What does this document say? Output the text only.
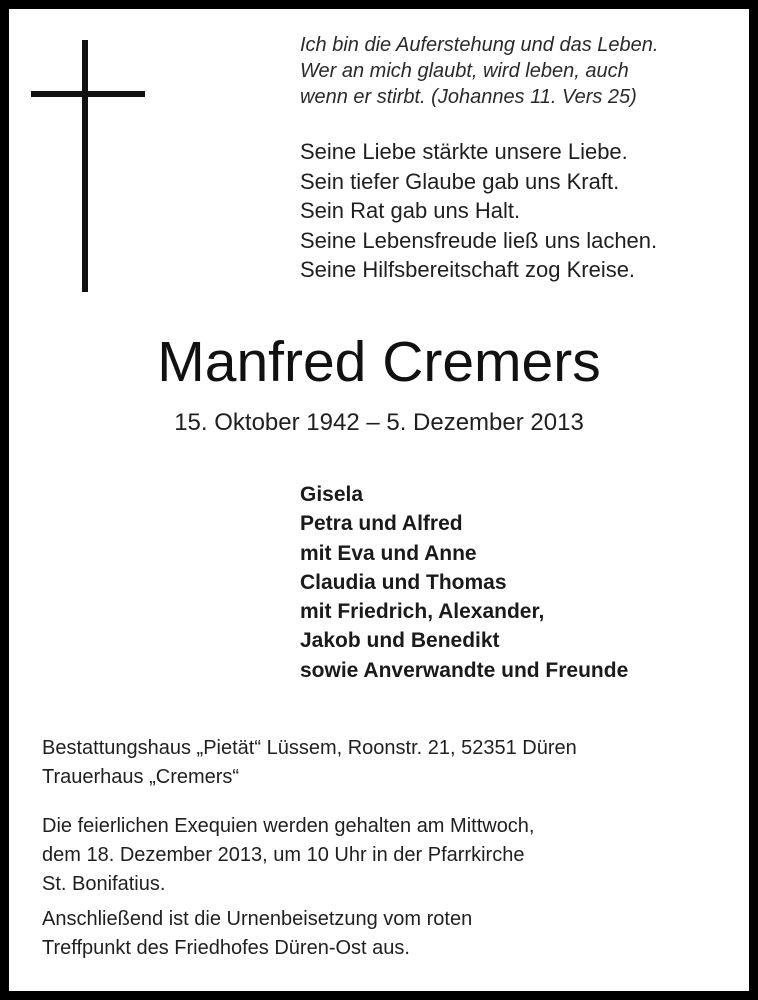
Ich bin die Auferstehung und das Leben.
Wer an mich glaubt, wird leben, auch
wenn er stirbt. (Johannes 11. Vers 25)

Seine Liebe stärkte unsere Liebe.
Sein tiefer Glaube gab uns Kraft.
Sein Rat gab uns Halt.
Seine Lebensfreude ließ uns lachen.
Seine Hilfsbereitschaft zog Kreise.

Manfred Cremers
15. Oktober 1942 – 5. Dezember 2013

Gisela
Petra und Alfred
mit Eva und Anne
Claudia und Thomas
mit Friedrich, Alexander,
Jakob und Benedikt
sowie Anverwandte und Freunde

Bestattungshaus „Pietät“ Lüssem, Roonstr. 21, 52351 Düren
Trauerhaus „Cremers“
Die feierlichen Exequien werden gehalten am Mittwoch,
dem 18. Dezember 2013, um 10 Uhr in der Pfarrkirche
St. Bonifatius.
Anschließend ist die Urnenbeisetzung vom roten
Treffpunkt des Friedhofes Düren-Ost aus.
